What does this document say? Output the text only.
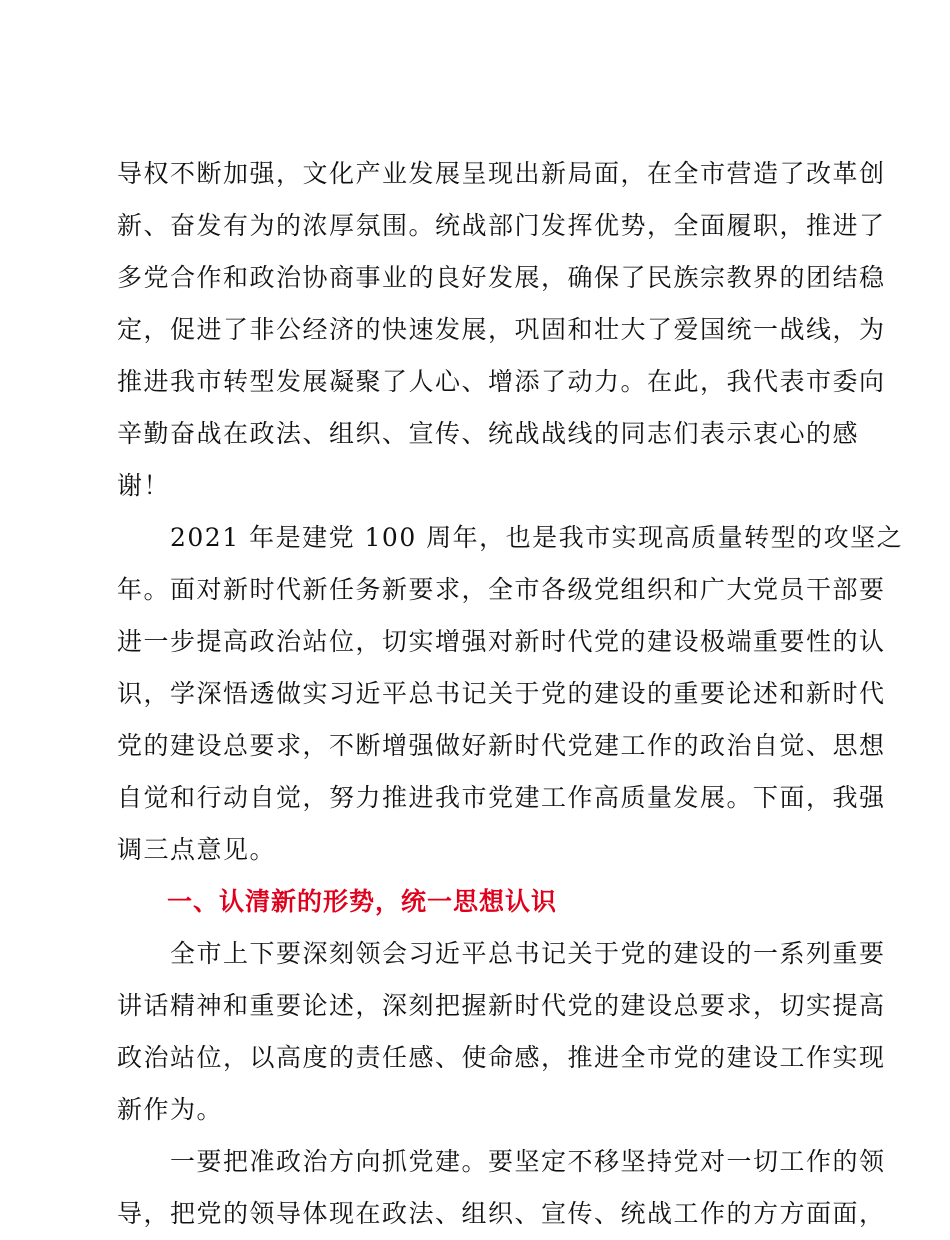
导权不断加强，文化产业发展呈现出新局面，在全市营造了改革创
新、奋发有为的浓厚氛围。统战部门发挥优势，全面履职，推进了
多党合作和政治协商事业的良好发展，确保了民族宗教界的团结稳
定，促进了非公经济的快速发展，巩固和壮大了爱国统一战线，为
推进我市转型发展凝聚了人心、增添了动力。在此，我代表市委向
辛勤奋战在政法、组织、宣传、统战战线的同志们表示衷心的感
谢！
　　2021 年是建党 100 周年，也是我市实现高质量转型的攻坚之
年。面对新时代新任务新要求，全市各级党组织和广大党员干部要
进一步提高政治站位，切实增强对新时代党的建设极端重要性的认
识，学深悟透做实习近平总书记关于党的建设的重要论述和新时代
党的建设总要求，不断增强做好新时代党建工作的政治自觉、思想
自觉和行动自觉，努力推进我市党建工作高质量发展。下面，我强
调三点意见。
一、认清新的形势，统一思想认识
　　全市上下要深刻领会习近平总书记关于党的建设的一系列重要
讲话精神和重要论述，深刻把握新时代党的建设总要求，切实提高
政治站位，以高度的责任感、使命感，推进全市党的建设工作实现
新作为。
　　一要把准政治方向抓党建。要坚定不移坚持党对一切工作的领
导，把党的领导体现在政法、组织、宣传、统战工作的方方面面，
